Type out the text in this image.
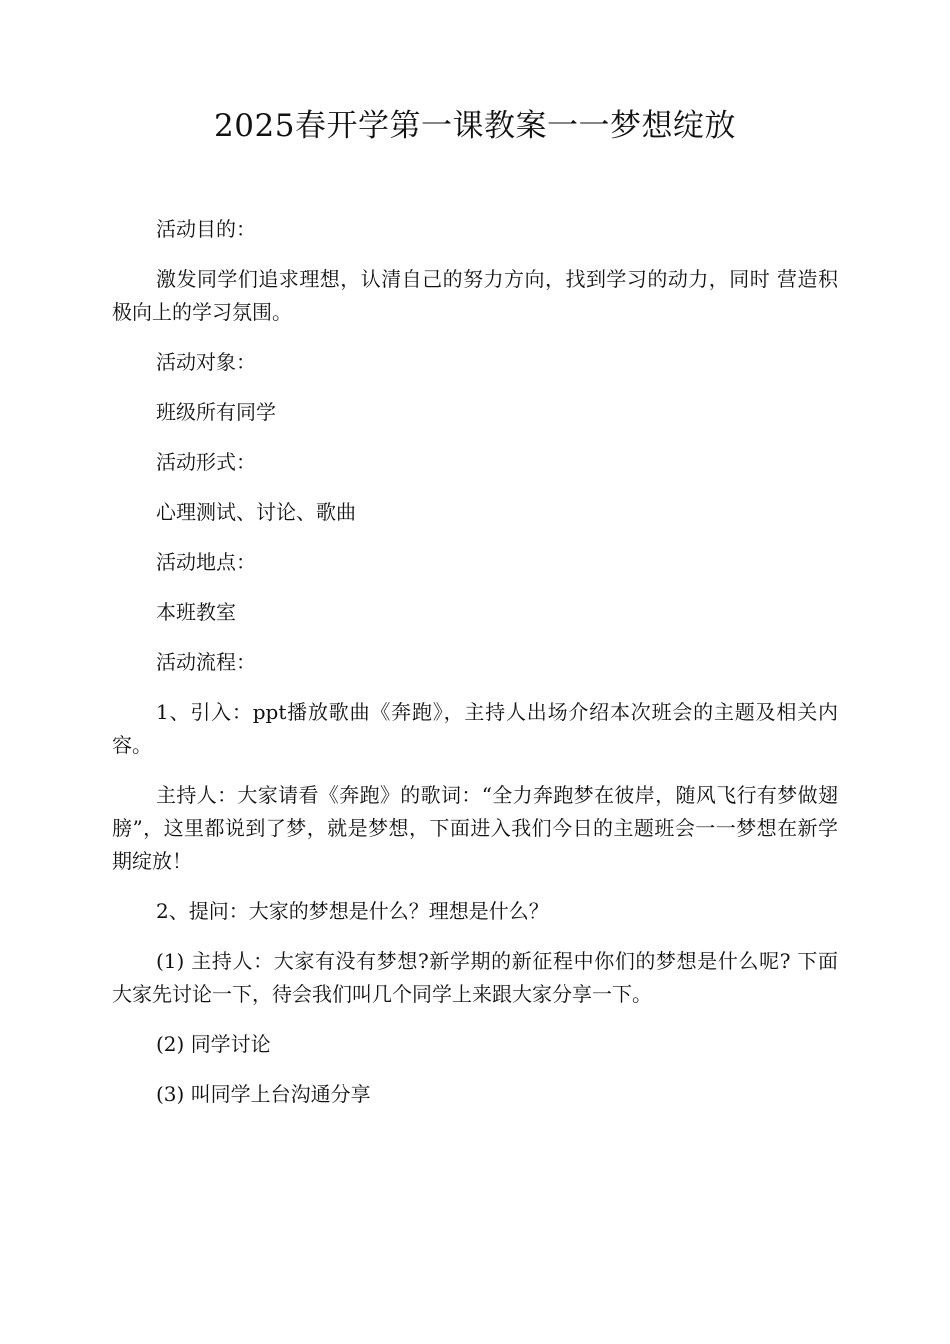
2025春开学第一课教案一一梦想绽放

活动目的：

激发同学们追求理想，认清自己的努力方向，找到学习的动力，同时 营造积极向上的学习氛围。

活动对象：

班级所有同学

活动形式：

心理测试、讨论、歌曲

活动地点：

本班教室

活动流程：

1、引入：ppt播放歌曲《奔跑》，主持人出场介绍本次班会的主题及相关内容。

主持人：大家请看《奔跑》的歌词：“全力奔跑梦在彼岸，随风飞行有梦做翅膀”，这里都说到了梦，就是梦想，下面进入我们今日的主题班会一一梦想在新学期绽放！

2、提问：大家的梦想是什么？理想是什么？

(1) 主持人：大家有没有梦想?新学期的新征程中你们的梦想是什么呢? 下面大家先讨论一下，待会我们叫几个同学上来跟大家分享一下。

(2) 同学讨论

(3) 叫同学上台沟通分享
